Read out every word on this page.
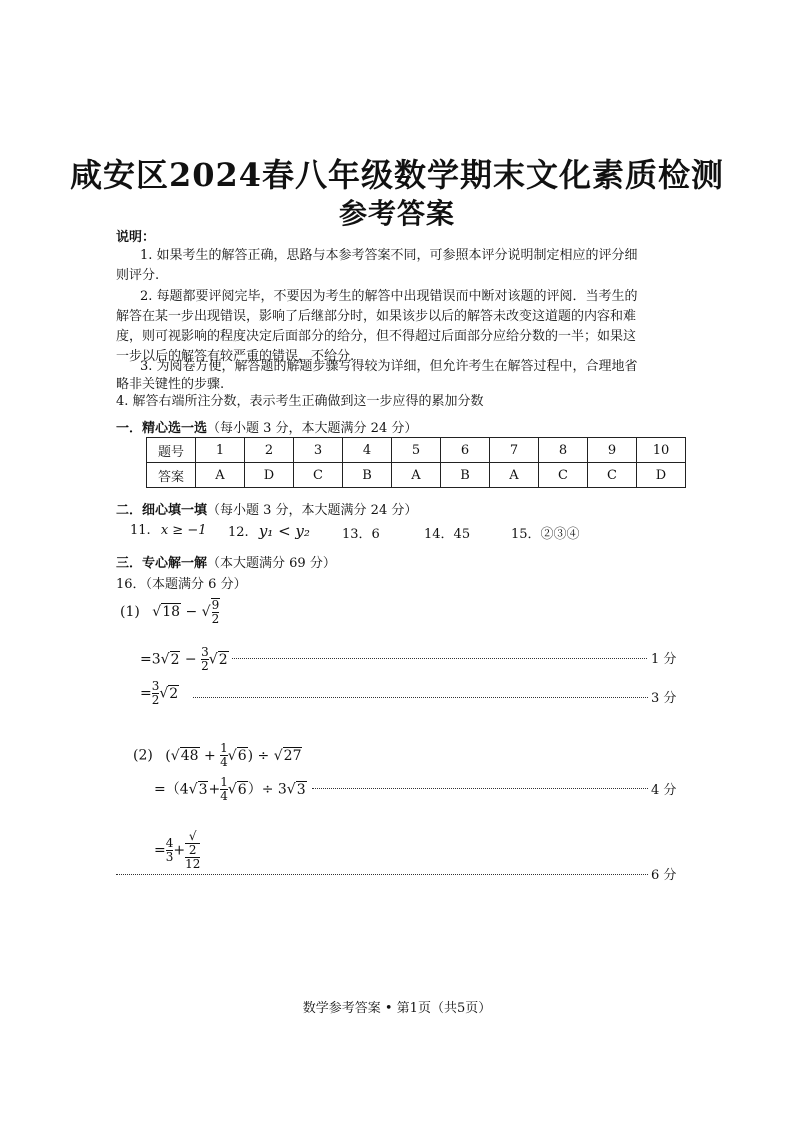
咸安区2024春八年级数学期末文化素质检测
参考答案
说明：
1. 如果考生的解答正确，思路与本参考答案不同，可参照本评分说明制定相应的评分细
则评分.
2. 每题都要评阅完毕，不要因为考生的解答中出现错误而中断对该题的评阅．当考生的
解答在某一步出现错误，影响了后继部分时，如果该步以后的解答未改变这道题的内容和难
度，则可视影响的程度决定后面部分的给分，但不得超过后面部分应给分数的一半；如果这
一步以后的解答有较严重的错误，不给分.
3. 为阅卷方便，解答题的解题步骤写得较为详细，但允许考生在解答过程中，合理地省
略非关键性的步骤.
4. 解答右端所注分数，表示考生正确做到这一步应得的累加分数
一．精心选一选（每小题 3 分，本大题满分 24 分）
题号	1	2	3	4	5	6	7	8	9	10
答案	A	D	C	B	A	B	A	C	C	D
二．细心填一填（每小题 3 分，本大题满分 24 分）
11. x ≥ −1 12. y₁ < y₂ 13．6	14．45	15．②③④
三．专心解一解（本大题满分 69 分）
16．（本题满分 6 分）
(1) √18 − √ $\frac{9}{2}$
$=3√2 - \frac{3}{2} √2$	1 分
= $\frac{3}{2} √2$	3 分
(2) $(√48 + \frac{1}{4} √6) \div √27$
$=(4√3+ \frac{1}{4} √6)\div 3√3$	4 分
= $\frac{4}{3}$ + √
2
12
6 分
数学参考答案 • 第1页（共5页）
